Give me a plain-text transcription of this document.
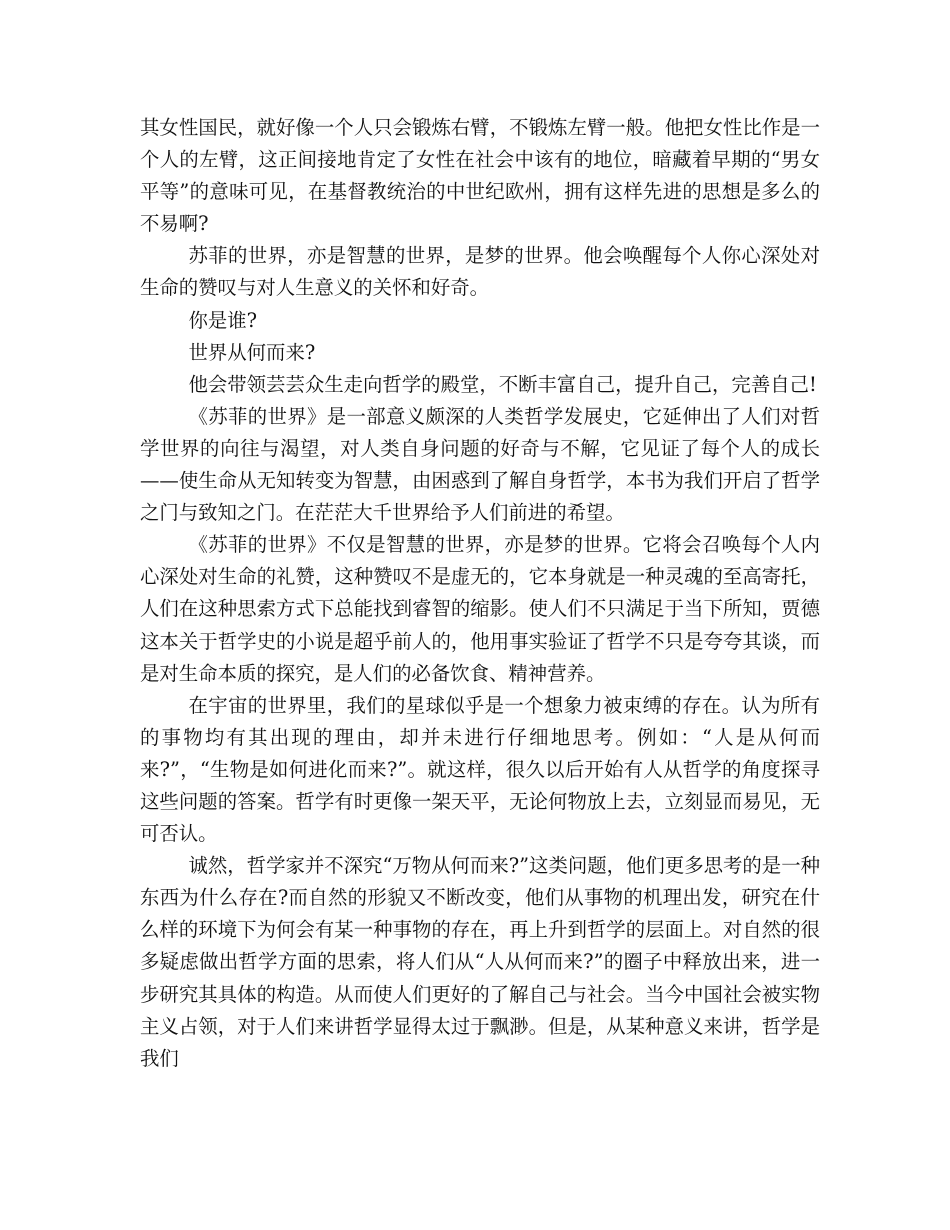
其女性国民，就好像一个人只会锻炼右臂，不锻炼左臂一般。他把女性比作是一个人的左臂，这正间接地肯定了女性在社会中该有的地位，暗藏着早期的“男女平等”的意味可见，在基督教统治的中世纪欧州，拥有这样先进的思想是多么的不易啊?

苏菲的世界，亦是智慧的世界，是梦的世界。他会唤醒每个人你心深处对生命的赞叹与对人生意义的关怀和好奇。

你是谁?

世界从何而来?

他会带领芸芸众生走向哲学的殿堂，不断丰富自己，提升自己，完善自己!

《苏菲的世界》是一部意义颇深的人类哲学发展史，它延伸出了人们对哲学世界的向往与渴望，对人类自身问题的好奇与不解，它见证了每个人的成长——使生命从无知转变为智慧，由困惑到了解自身哲学，本书为我们开启了哲学之门与致知之门。在茫茫大千世界给予人们前进的希望。

《苏菲的世界》不仅是智慧的世界，亦是梦的世界。它将会召唤每个人内心深处对生命的礼赞，这种赞叹不是虚无的，它本身就是一种灵魂的至高寄托，人们在这种思索方式下总能找到睿智的缩影。使人们不只满足于当下所知，贾德这本关于哲学史的小说是超乎前人的，他用事实验证了哲学不只是夸夸其谈，而是对生命本质的探究，是人们的必备饮食、精神营养。

在宇宙的世界里，我们的星球似乎是一个想象力被束缚的存在。认为所有的事物均有其出现的理由，却并未进行仔细地思考。例如：“人是从何而来?”，“生物是如何进化而来?”。就这样，很久以后开始有人从哲学的角度探寻这些问题的答案。哲学有时更像一架天平，无论何物放上去，立刻显而易见，无可否认。

诚然，哲学家并不深究“万物从何而来?”这类问题，他们更多思考的是一种东西为什么存在?而自然的形貌又不断改变，他们从事物的机理出发，研究在什么样的环境下为何会有某一种事物的存在，再上升到哲学的层面上。对自然的很多疑虑做出哲学方面的思索，将人们从“人从何而来?”的圈子中释放出来，进一步研究其具体的构造。从而使人们更好的了解自己与社会。当今中国社会被实物主义占领，对于人们来讲哲学显得太过于飘渺。但是，从某种意义来讲，哲学是我们
